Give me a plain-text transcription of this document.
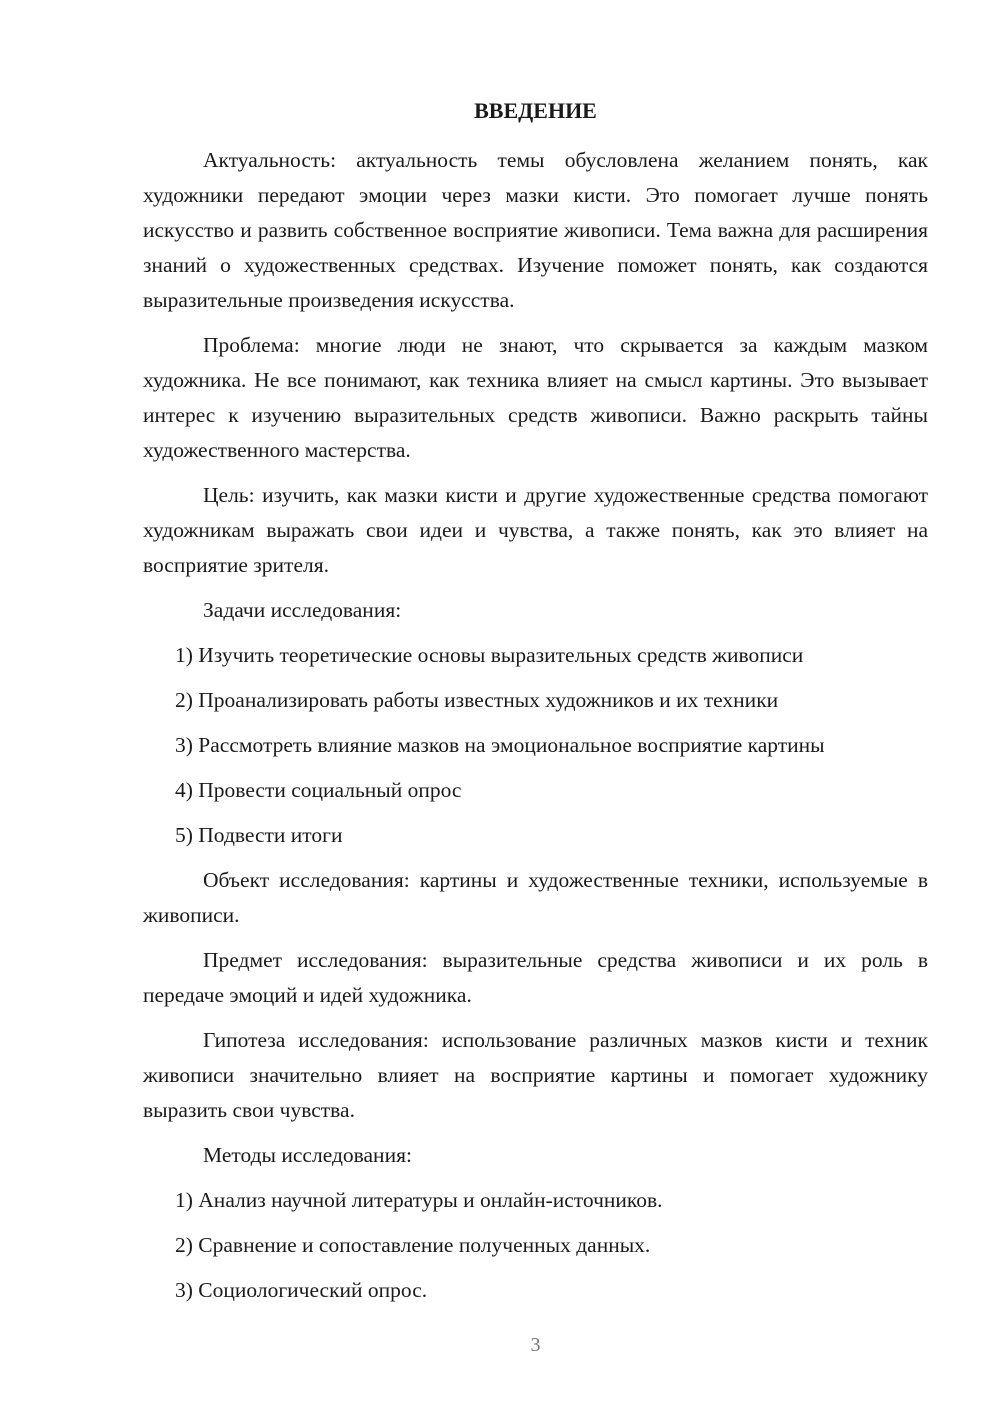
ВВЕДЕНИЕ

Актуальность: актуальность темы обусловлена желанием понять, как художники передают эмоции через мазки кисти. Это помогает лучше понять искусство и развить собственное восприятие живописи. Тема важна для расширения знаний о художественных средствах. Изучение поможет понять, как создаются выразительные произведения искусства.

Проблема: многие люди не знают, что скрывается за каждым мазком художника. Не все понимают, как техника влияет на смысл картины. Это вызывает интерес к изучению выразительных средств живописи. Важно раскрыть тайны художественного мастерства.

Цель: изучить, как мазки кисти и другие художественные средства помогают художникам выражать свои идеи и чувства, а также понять, как это влияет на восприятие зрителя.

Задачи исследования:

1) Изучить теоретические основы выразительных средств живописи

2) Проанализировать работы известных художников и их техники

3) Рассмотреть влияние мазков на эмоциональное восприятие картины

4) Провести социальный опрос

5) Подвести итоги

Объект исследования: картины и художественные техники, используемые в живописи.

Предмет исследования: выразительные средства живописи и их роль в передаче эмоций и идей художника.

Гипотеза исследования: использование различных мазков кисти и техник живописи значительно влияет на восприятие картины и помогает художнику выразить свои чувства.

Методы исследования:

1) Анализ научной литературы и онлайн-источников.

2) Сравнение и сопоставление полученных данных.

3) Социологический опрос.

3
